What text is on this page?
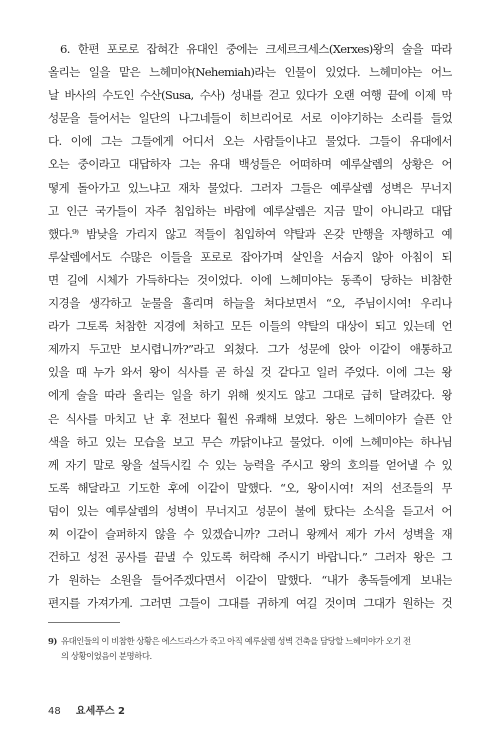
6. 한편 포로로 잡혀간 유대인 중에는 크세르크세스(Xerxes)왕의 술을 따라
올리는 일을 맡은 느헤미야(Nehemiah)라는 인물이 있었다. 느헤미야는 어느
날 바사의 수도인 수산(Susa, 수사) 성내를 걷고 있다가 오랜 여행 끝에 이제 막
성문을 들어서는 일단의 나그네들이 히브리어로 서로 이야기하는 소리를 들었
다. 이에 그는 그들에게 어디서 오는 사람들이냐고 물었다. 그들이 유대에서
오는 중이라고 대답하자 그는 유대 백성들은 어떠하며 예루살렘의 상황은 어
떻게 돌아가고 있느냐고 재차 물었다. 그러자 그들은 예루살렘 성벽은 무너지
고 인근 국가들이 자주 침입하는 바람에 예루살렘은 지금 말이 아니라고 대답
했다.⁹⁾ 밤낮을 가리지 않고 적들이 침입하여 약탈과 온갖 만행을 자행하고 예
루살렘에서도 수많은 이들을 포로로 잡아가며 살인을 서슴지 않아 아침이 되
면 길에 시체가 가득하다는 것이었다. 이에 느헤미야는 동족이 당하는 비참한
지경을 생각하고 눈물을 흘리며 하늘을 쳐다보면서 “오, 주님이시여! 우리나
라가 그토록 처참한 지경에 처하고 모든 이들의 약탈의 대상이 되고 있는데 언
제까지 두고만 보시렵니까?”라고 외쳤다. 그가 성문에 앉아 이같이 애통하고
있을 때 누가 와서 왕이 식사를 곧 하실 것 같다고 일러 주었다. 이에 그는 왕
에게 술을 따라 올리는 일을 하기 위해 씻지도 않고 그대로 급히 달려갔다. 왕
은 식사를 마치고 난 후 전보다 훨씬 유쾌해 보였다. 왕은 느헤미야가 슬픈 안
색을 하고 있는 모습을 보고 무슨 까닭이냐고 물었다. 이에 느헤미야는 하나님
께 자기 말로 왕을 설득시킬 수 있는 능력을 주시고 왕의 호의를 얻어낼 수 있
도록 해달라고 기도한 후에 이같이 말했다. “오, 왕이시여! 저의 선조들의 무
덤이 있는 예루살렘의 성벽이 무너지고 성문이 불에 탔다는 소식을 듣고서 어
찌 이같이 슬퍼하지 않을 수 있겠습니까? 그러니 왕께서 제가 가서 성벽을 재
건하고 성전 공사를 끝낼 수 있도록 허락해 주시기 바랍니다.” 그러자 왕은 그
가 원하는 소원을 들어주겠다면서 이같이 말했다. “내가 총독들에게 보내는
편지를 가져가게. 그러면 그들이 그대를 귀하게 여길 것이며 그대가 원하는 것
9) 유대인들의 이 비참한 상황은 에스드라스가 죽고 아직 예루살렘 성벽 건축을 담당할 느헤미야가 오기 전
의 상황이었음이 분명하다.
48 요세푸스 2
